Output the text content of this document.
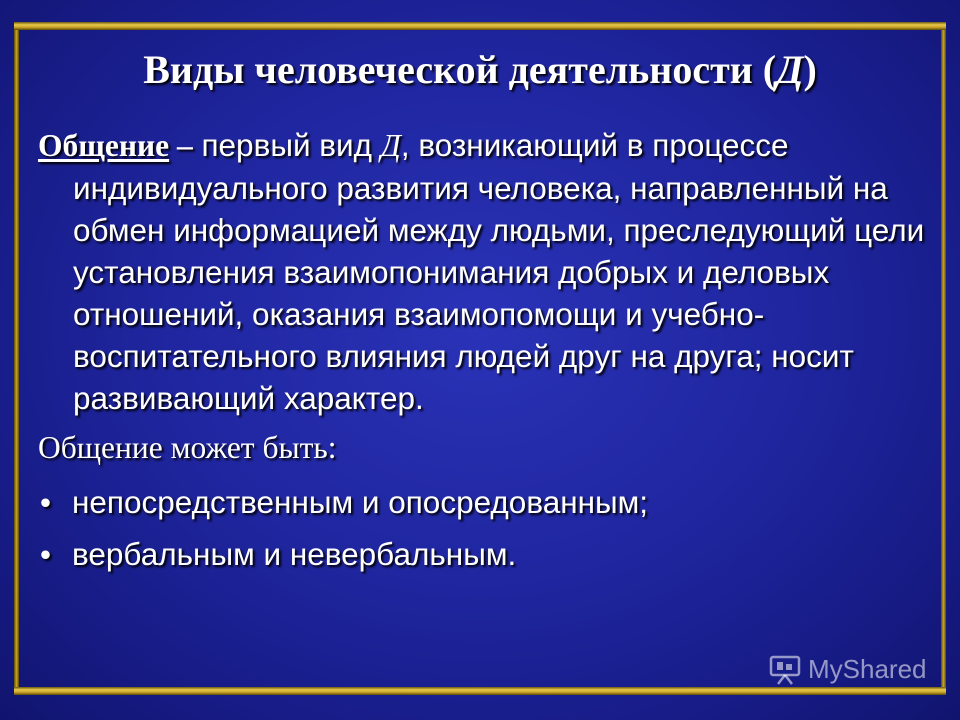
Виды человеческой деятельности (Д)
Общение – первый вид Д, возникающий в процессе индивидуального развития человека, направленный на обмен информацией между людьми, преследующий цели установления взаимопонимания добрых и деловых отношений, оказания взаимопомощи и учебно-воспитательного влияния людей друг на друга; носит развивающий характер.
Общение может быть:
• непосредственным и опосредованным;
• вербальным и невербальным.
MyShared
